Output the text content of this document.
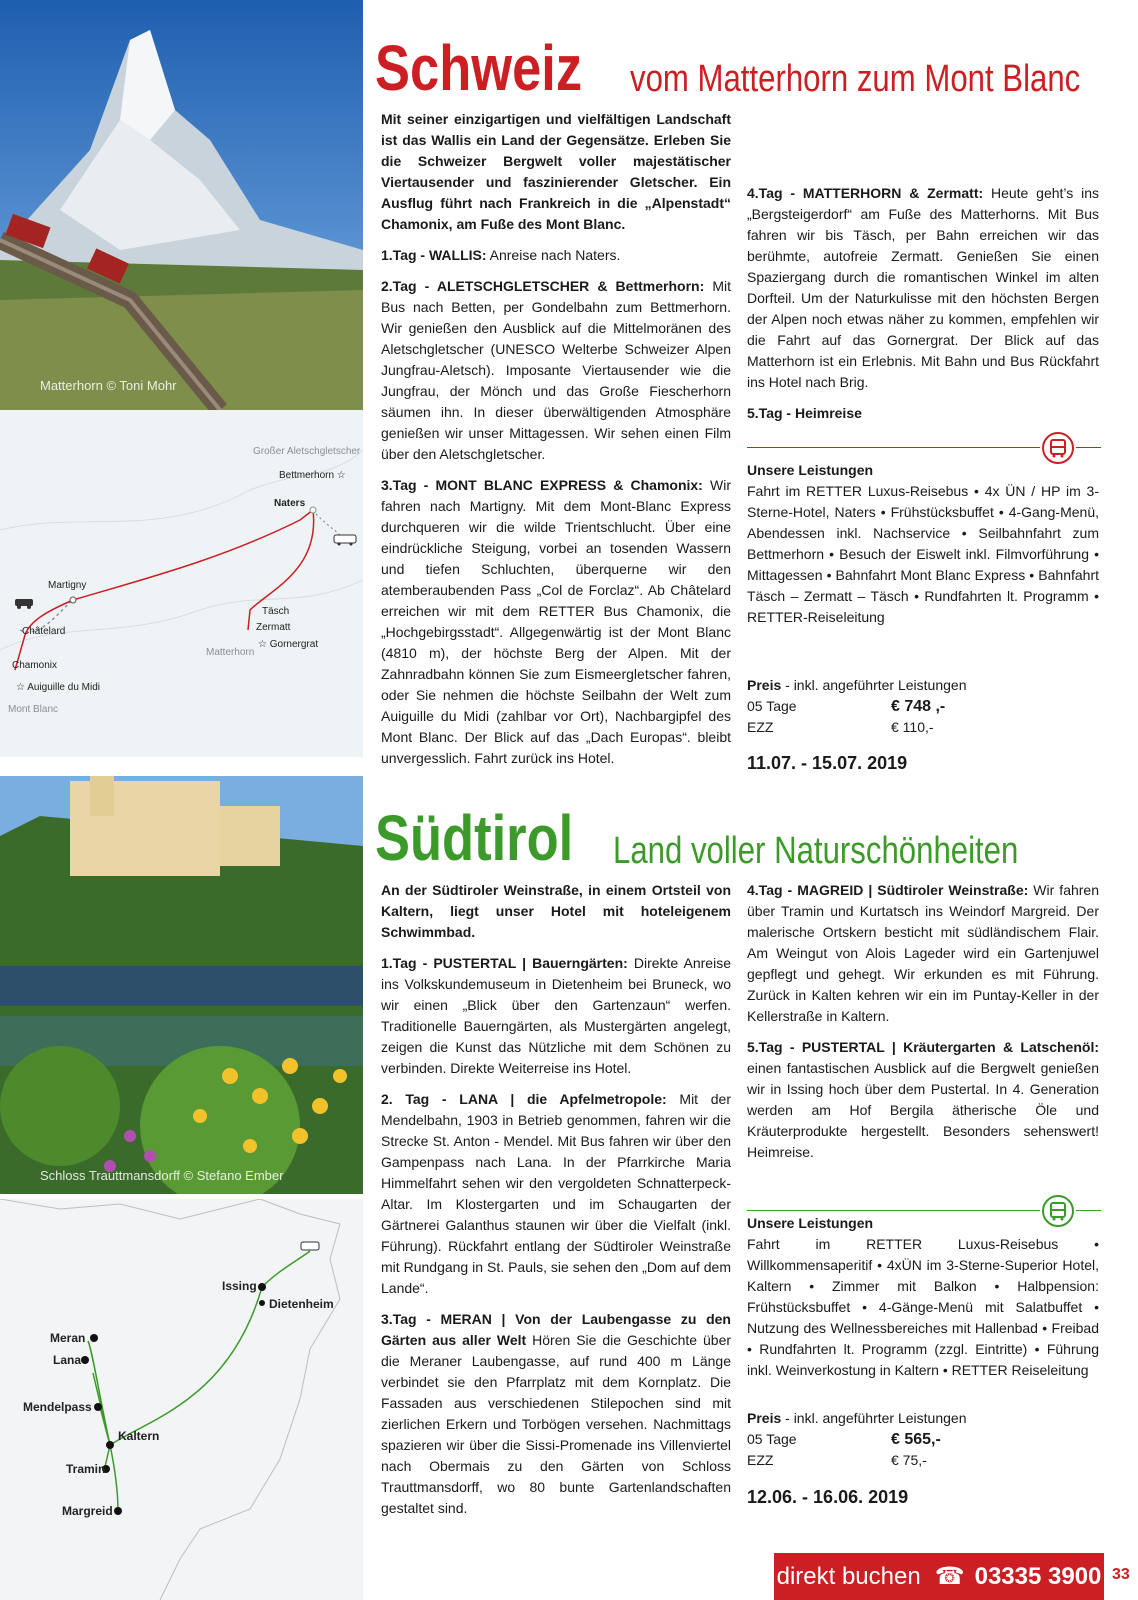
Matterhorn © Toni Mohr
Großer Aletschgletscher
Bettmerhorn ☆
Naters
Martigny
Châtelard
Chamonix
☆ Auiguille du Midi
Mont Blanc
Matterhorn
Täsch
Zermatt
☆ Gornergrat
Schloss Trauttmansdorff © Stefano Ember
Issing
Dietenheim
Meran
Lana
Mendelpass
Kaltern
Tramin
Margreid
Schweiz vom Matterhorn zum Mont Blanc

Mit seiner einzigartigen und vielfältigen Landschaft ist das Wallis ein Land der Gegensätze. Erleben Sie die Schweizer Bergwelt voller majestätischer Viertausender und faszinierender Gletscher. Ein Ausflug führt nach Frankreich in die „Alpenstadt“ Chamonix, am Fuße des Mont Blanc.

1.Tag - WALLIS: Anreise nach Naters.

2.Tag - ALETSCHGLETSCHER & Bettmerhorn: Mit Bus nach Betten, per Gondelbahn zum Bettmerhorn. Wir genießen den Ausblick auf die Mittelmoränen des Aletschgletscher (UNESCO Welterbe Schweizer Alpen Jungfrau-Aletsch). Imposante Viertausender wie die Jungfrau, der Mönch und das Große Fiescherhorn säumen ihn. In dieser überwältigenden Atmosphäre genießen wir unser Mittagessen. Wir sehen einen Film über den Aletschgletscher.

3.Tag - MONT BLANC EXPRESS & Chamonix: Wir fahren nach Martigny. Mit dem Mont-Blanc Express durchqueren wir die wilde Trientschlucht. Über eine eindrückliche Steigung, vorbei an tosenden Wassern und tiefen Schluchten, überquerne wir den atemberaubenden Pass „Col de Forclaz“. Ab Châtelard erreichen wir mit dem RETTER Bus Chamonix, die „Hochgebirgsstadt“. Allgegenwärtig ist der Mont Blanc (4810 m), der höchste Berg der Alpen. Mit der Zahnradbahn können Sie zum Eismeergletscher fahren, oder Sie nehmen die höchste Seilbahn der Welt zum Auiguille du Midi (zahlbar vor Ort), Nachbargipfel des Mont Blanc. Der Blick auf das „Dach Europas“. bleibt unvergesslich. Fahrt zurück ins Hotel.

4.Tag - MATTERHORN & Zermatt: Heute geht’s ins „Bergsteigerdorf“ am Fuße des Matterhorns. Mit Bus fahren wir bis Täsch, per Bahn erreichen wir das berühmte, autofreie Zermatt. Genießen Sie einen Spaziergang durch die romantischen Winkel im alten Dorfteil. Um der Naturkulisse mit den höchsten Bergen der Alpen noch etwas näher zu kommen, empfehlen wir die Fahrt auf das Gornergrat. Der Blick auf das Matterhorn ist ein Erlebnis. Mit Bahn und Bus Rückfahrt ins Hotel nach Brig.

5.Tag - Heimreise

Unsere Leistungen
Fahrt im RETTER Luxus-Reisebus • 4x ÜN / HP im 3-Sterne-Hotel, Naters • Frühstücksbuffet • 4-Gang-Menü, Abendessen inkl. Nachservice • Seilbahnfahrt zum Bettmerhorn • Besuch der Eiswelt inkl. Filmvorführung • Mittagessen • Bahnfahrt Mont Blanc Express • Bahnfahrt Täsch – Zermatt – Täsch • Rundfahrten lt. Programm • RETTER-Reiseleitung
Preis - inkl. angeführter Leistungen
05 Tage	€ 748 ,-
EZZ	€ 110,-
11.07. - 15.07. 2019
Südtirol Land voller Naturschönheiten

An der Südtiroler Weinstraße, in einem Ortsteil von Kaltern, liegt unser Hotel mit hoteleigenem Schwimmbad.

1.Tag - PUSTERTAL | Bauerngärten: Direkte Anreise ins Volkskundemuseum in Dietenheim bei Bruneck, wo wir einen „Blick über den Gartenzaun“ werfen. Traditionelle Bauerngärten, als Mustergärten angelegt, zeigen die Kunst das Nützliche mit dem Schönen zu verbinden. Direkte Weiterreise ins Hotel.

2. Tag - LANA | die Apfelmetropole: Mit der Mendelbahn, 1903 in Betrieb genommen, fahren wir die Strecke St. Anton - Mendel. Mit Bus fahren wir über den Gampenpass nach Lana. In der Pfarrkirche Maria Himmelfahrt sehen wir den vergoldeten Schnatterpeck-Altar. Im Klostergarten und im Schaugarten der Gärtnerei Galanthus staunen wir über die Vielfalt (inkl. Führung). Rückfahrt entlang der Südtiroler Weinstraße mit Rundgang in St. Pauls, sie sehen den „Dom auf dem Lande“.

3.Tag - MERAN | Von der Laubengasse zu den Gärten aus aller Welt Hören Sie die Geschichte über die Meraner Laubengasse, auf rund 400 m Länge verbindet sie den Pfarrplatz mit dem Kornplatz. Die Fassaden aus verschiedenen Stilepochen sind mit zierlichen Erkern und Torbögen versehen. Nachmittags spazieren wir über die Sissi-Promenade ins Villenviertel nach Obermais zu den Gärten von Schloss Trauttmansdorff, wo 80 bunte Gartenlandschaften gestaltet sind.

4.Tag - MAGREID | Südtiroler Weinstraße: Wir fahren über Tramin und Kurtatsch ins Weindorf Margreid. Der malerische Ortskern besticht mit südländischem Flair. Am Weingut von Alois Lageder wird ein Gartenjuwel gepflegt und gehegt. Wir erkunden es mit Führung. Zurück in Kalten kehren wir ein im Puntay-Keller in der Kellerstraße in Kaltern.

5.Tag - PUSTERTAL | Kräutergarten & Latschenöl: einen fantastischen Ausblick auf die Bergwelt genießen wir in Issing hoch über dem Pustertal. In 4. Generation werden am Hof Bergila ätherische Öle und Kräuterprodukte hergestellt. Besonders sehenswert! Heimreise.

Unsere Leistungen
Fahrt im RETTER Luxus-Reisebus • Willkommensaperitif • 4xÜN im 3-Sterne-Superior Hotel, Kaltern • Zimmer mit Balkon • Halbpension: Frühstücksbuffet • 4-Gänge-Menü mit Salatbuffet • Nutzung des Wellnessbereiches mit Hallenbad • Freibad • Rundfahrten lt. Programm (zzgl. Eintritte) • Führung inkl. Weinverkostung in Kaltern • RETTER Reiseleitung
Preis - inkl. angeführter Leistungen
05 Tage	€ 565,-
EZZ	€ 75,-
12.06. - 16.06. 2019
direkt buchen ☎ 03335 3900 33
